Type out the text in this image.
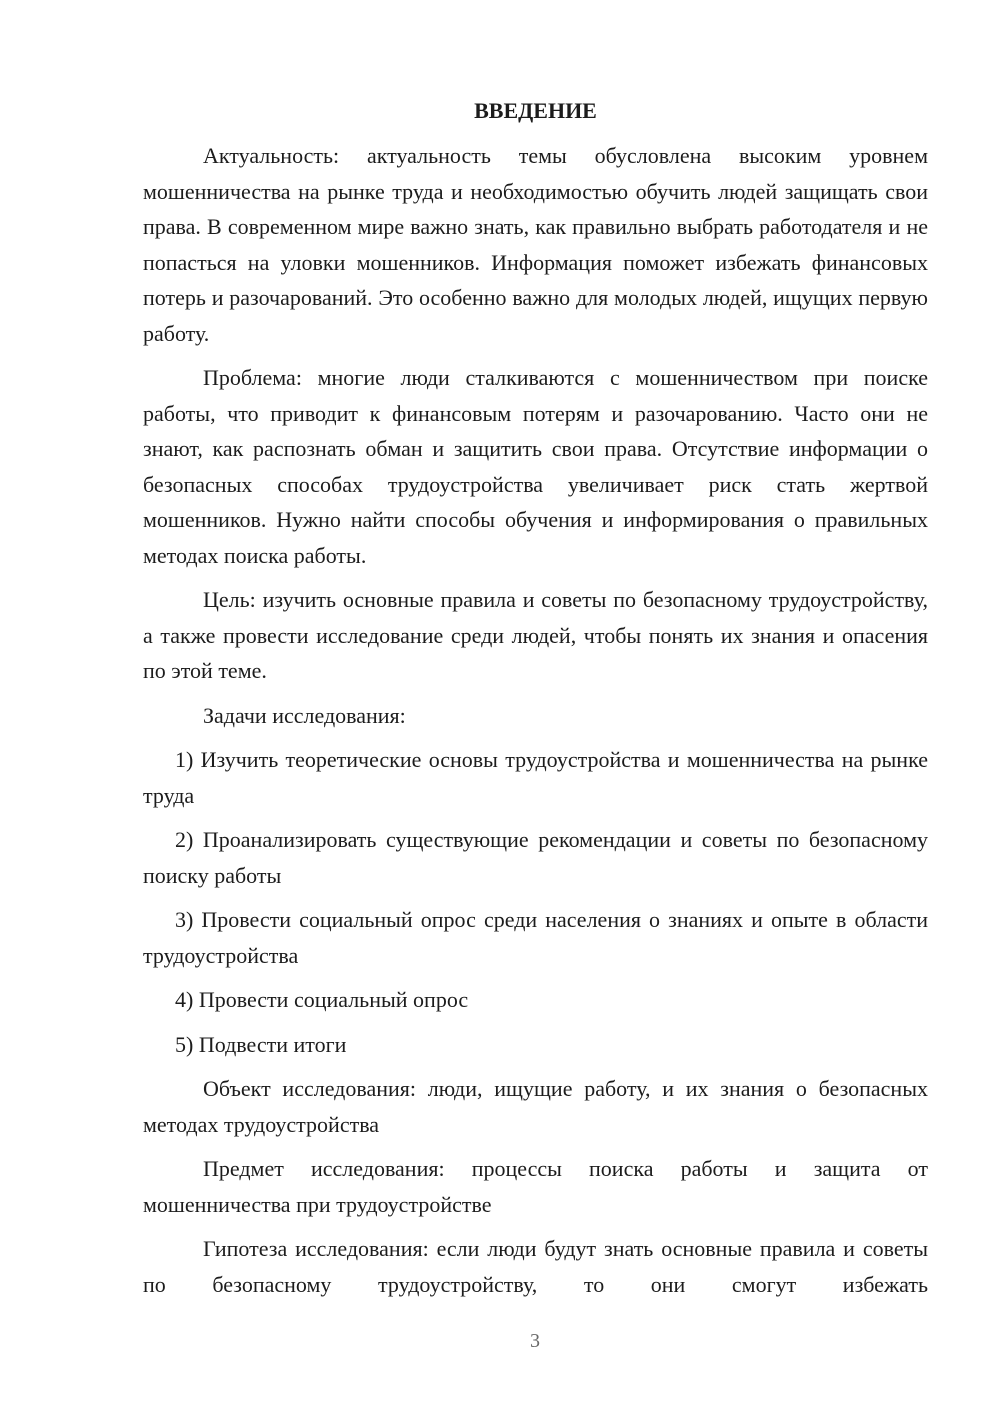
ВВЕДЕНИЕ

Актуальность: актуальность темы обусловлена высоким уровнем мошенничества на рынке труда и необходимостью обучить людей защищать свои права. В современном мире важно знать, как правильно выбрать работодателя и не попасться на уловки мошенников. Информация поможет избежать финансовых потерь и разочарований. Это особенно важно для молодых людей, ищущих первую работу.

Проблема: многие люди сталкиваются с мошенничеством при поиске работы, что приводит к финансовым потерям и разочарованию. Часто они не знают, как распознать обман и защитить свои права. Отсутствие информации о безопасных способах трудоустройства увеличивает риск стать жертвой мошенников. Нужно найти способы обучения и информирования о правильных методах поиска работы.

Цель: изучить основные правила и советы по безопасному трудоустройству, а также провести исследование среди людей, чтобы понять их знания и опасения по этой теме.

Задачи исследования:

1) Изучить теоретические основы трудоустройства и мошенничества на рынке труда

2) Проанализировать существующие рекомендации и советы по безопасному поиску работы

3) Провести социальный опрос среди населения о знаниях и опыте в области трудоустройства

4) Провести социальный опрос

5) Подвести итоги

Объект исследования: люди, ищущие работу, и их знания о безопасных методах трудоустройства

Предмет исследования: процессы поиска работы и защита от мошенничества при трудоустройстве

Гипотеза исследования: если люди будут знать основные правила и советы по безопасному трудоустройству, то они смогут избежать

3
